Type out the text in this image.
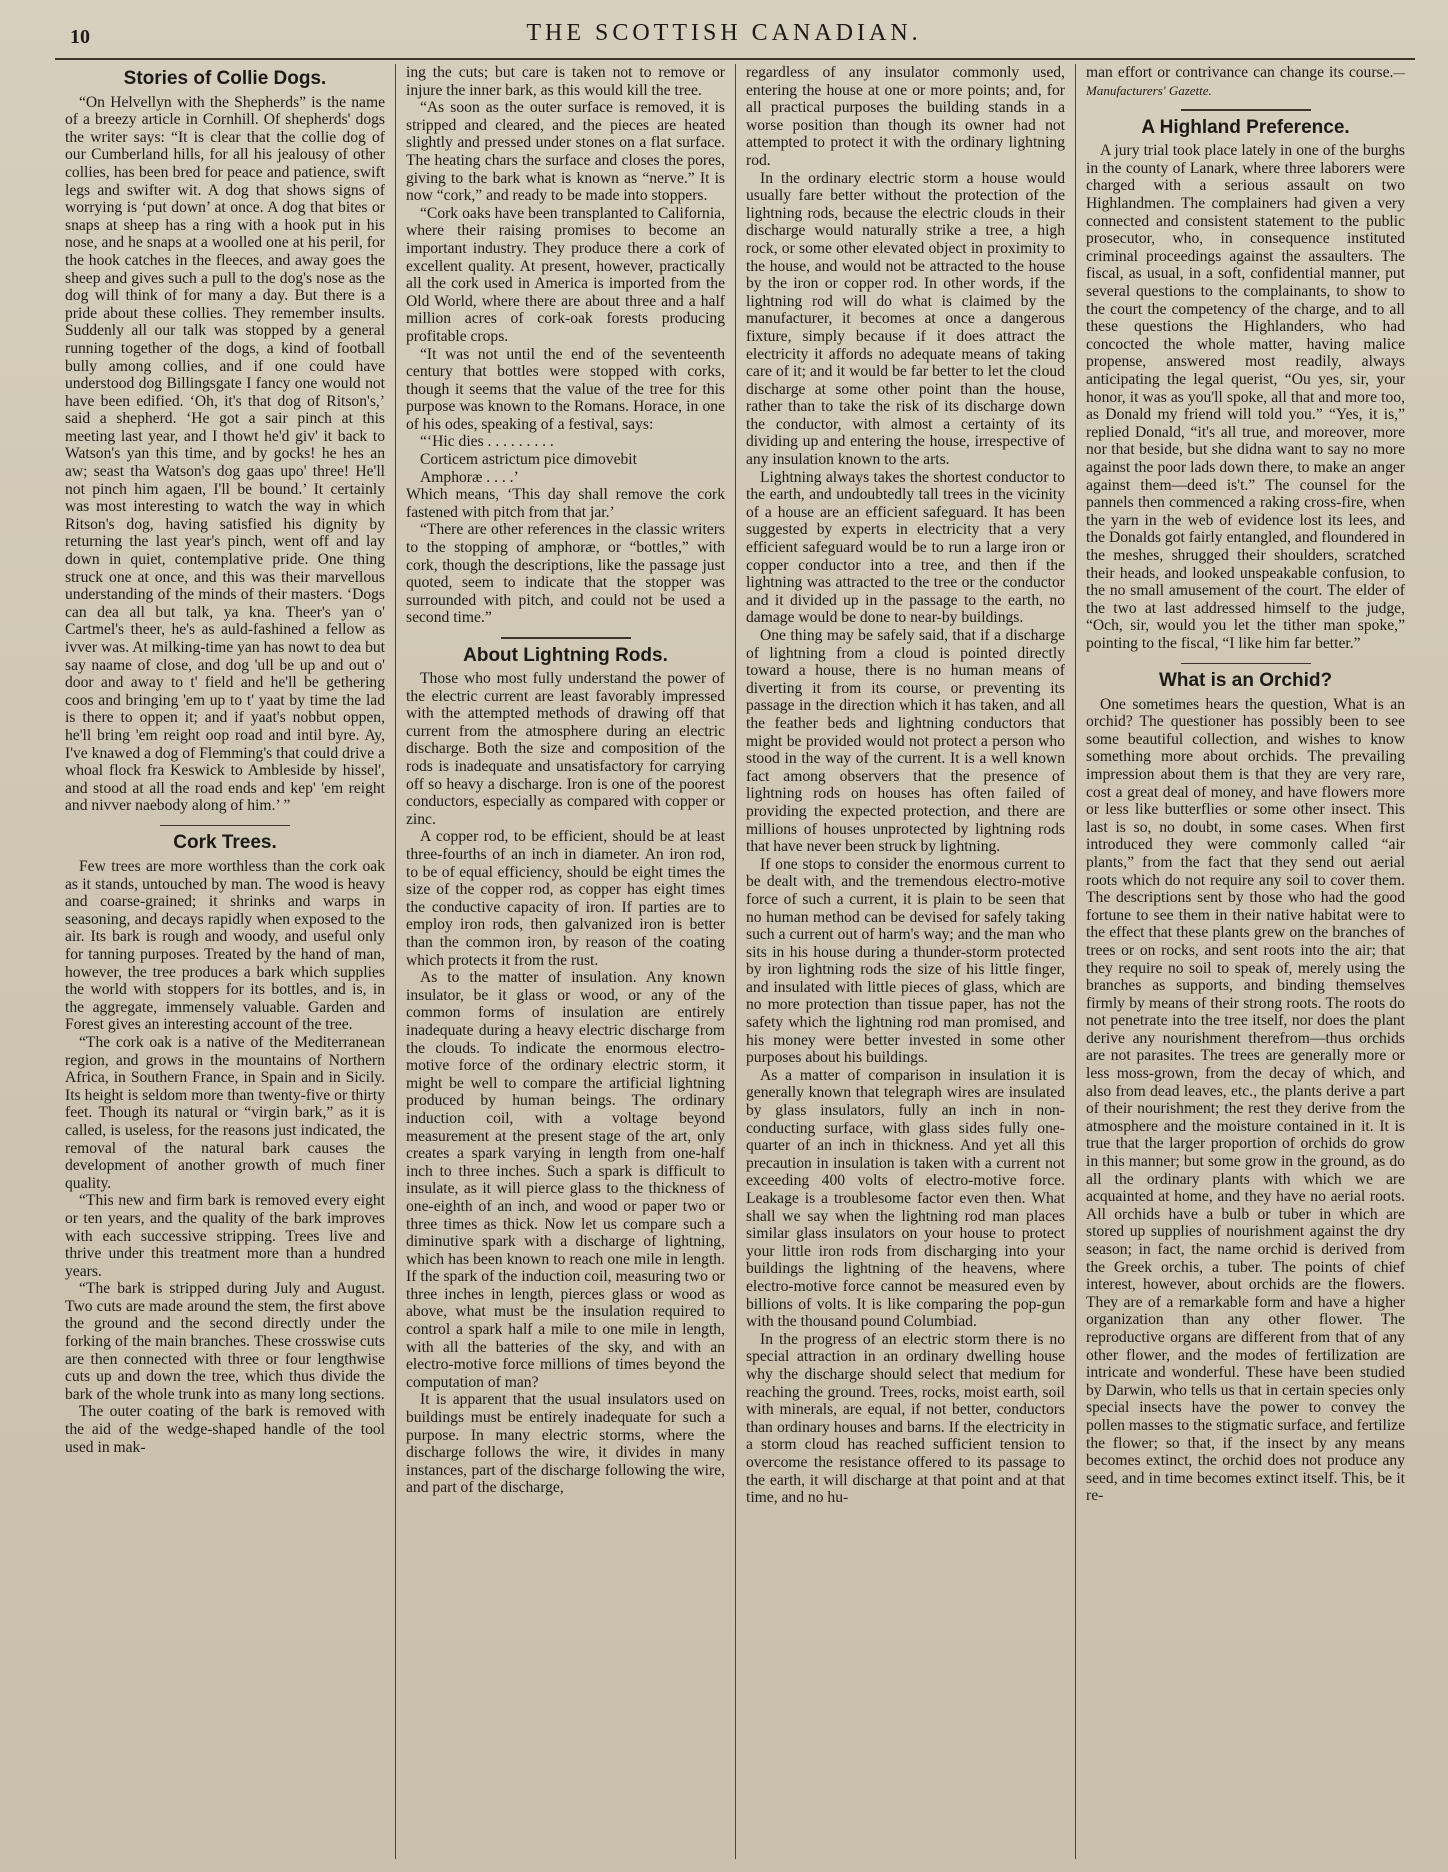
10	THE SCOTTISH CANADIAN.
Stories of Collie Dogs.

“On Helvellyn with the Shepherds” is the name of a breezy article in Cornhill. Of shepherds' dogs the writer says: “It is clear that the collie dog of our Cumberland hills, for all his jealousy of other collies, has been bred for peace and patience, swift legs and swifter wit. A dog that shows signs of worrying is ‘put down’ at once. A dog that bites or snaps at sheep has a ring with a hook put in his nose, and he snaps at a woolled one at his peril, for the hook catches in the fleeces, and away goes the sheep and gives such a pull to the dog's nose as the dog will think of for many a day. But there is a pride about these collies. They remember insults. Suddenly all our talk was stopped by a general running together of the dogs, a kind of football bully among collies, and if one could have understood dog Billingsgate I fancy one would not have been edified. ‘Oh, it's that dog of Ritson's,’ said a shepherd. ‘He got a sair pinch at this meeting last year, and I thowt he'd giv' it back to Watson's yan this time, and by gocks! he hes an aw; seast tha Watson's dog gaas upo' three! He'll not pinch him agaen, I'll be bound.’ It certainly was most interesting to watch the way in which Ritson's dog, having satisfied his dignity by returning the last year's pinch, went off and lay down in quiet, contemplative pride. One thing struck one at once, and this was their marvellous understanding of the minds of their masters. ‘Dogs can dea all but talk, ya kna. Theer's yan o' Cartmel's theer, he's as auld-fashined a fellow as ivver was. At milking-time yan has nowt to dea but say naame of close, and dog 'ull be up and out o' door and away to t' field and he'll be gethering coos and bringing 'em up to t' yaat by time the lad is there to oppen it; and if yaat's nobbut oppen, he'll bring 'em reight oop road and intil byre. Ay, I've knawed a dog of Flemming's that could drive a whoal flock fra Keswick to Ambleside by hissel', and stood at all the road ends and kep' 'em reight and nivver naebody along of him.’ ”

Cork Trees.

Few trees are more worthless than the cork oak as it stands, untouched by man. The wood is heavy and coarse-grained; it shrinks and warps in seasoning, and decays rapidly when exposed to the air. Its bark is rough and woody, and useful only for tanning purposes. Treated by the hand of man, however, the tree produces a bark which supplies the world with stoppers for its bottles, and is, in the aggregate, immensely valuable. Garden and Forest gives an interesting account of the tree.

“The cork oak is a native of the Mediterranean region, and grows in the mountains of Northern Africa, in Southern France, in Spain and in Sicily. Its height is seldom more than twenty-five or thirty feet. Though its natural or “virgin bark,” as it is called, is useless, for the reasons just indicated, the removal of the natural bark causes the development of another growth of much finer quality.

“This new and firm bark is removed every eight or ten years, and the quality of the bark improves with each successive stripping. Trees live and thrive under this treatment more than a hundred years.

“The bark is stripped during July and August. Two cuts are made around the stem, the first above the ground and the second directly under the forking of the main branches. These crosswise cuts are then connected with three or four lengthwise cuts up and down the tree, which thus divide the bark of the whole trunk into as many long sections.

The outer coating of the bark is removed with the aid of the wedge-shaped handle of the tool used in mak-

ing the cuts; but care is taken not to remove or injure the inner bark, as this would kill the tree.

“As soon as the outer surface is removed, it is stripped and cleared, and the pieces are heated slightly and pressed under stones on a flat surface. The heating chars the surface and closes the pores, giving to the bark what is known as “nerve.” It is now “cork,” and ready to be made into stoppers.

“Cork oaks have been transplanted to California, where their raising promises to become an important industry. They produce there a cork of excellent quality. At present, however, practically all the cork used in America is imported from the Old World, where there are about three and a half million acres of cork-oak forests producing profitable crops.

“It was not until the end of the seventeenth century that bottles were stopped with corks, though it seems that the value of the tree for this purpose was known to the Romans. Horace, in one of his odes, speaking of a festival, says:

“‘Hic dies . . . . . . . . .

Corticem astrictum pice dimovebit

Amphoræ . . . .’

Which means, ‘This day shall remove the cork fastened with pitch from that jar.’

“There are other references in the classic writers to the stopping of amphoræ, or “bottles,” with cork, though the descriptions, like the passage just quoted, seem to indicate that the stopper was surrounded with pitch, and could not be used a second time.”

About Lightning Rods.

Those who most fully understand the power of the electric current are least favorably impressed with the attempted methods of drawing off that current from the atmosphere during an electric discharge. Both the size and composition of the rods is inadequate and unsatisfactory for carrying off so heavy a discharge. Iron is one of the poorest conductors, especially as compared with copper or zinc.

A copper rod, to be efficient, should be at least three-fourths of an inch in diameter. An iron rod, to be of equal efficiency, should be eight times the size of the copper rod, as copper has eight times the conductive capacity of iron. If parties are to employ iron rods, then galvanized iron is better than the common iron, by reason of the coating which protects it from the rust.

As to the matter of insulation. Any known insulator, be it glass or wood, or any of the common forms of insulation are entirely inadequate during a heavy electric discharge from the clouds. To indicate the enormous electro-motive force of the ordinary electric storm, it might be well to compare the artificial lightning produced by human beings. The ordinary induction coil, with a voltage beyond measurement at the present stage of the art, only creates a spark varying in length from one-half inch to three inches. Such a spark is difficult to insulate, as it will pierce glass to the thickness of one-eighth of an inch, and wood or paper two or three times as thick. Now let us compare such a diminutive spark with a discharge of lightning, which has been known to reach one mile in length. If the spark of the induction coil, measuring two or three inches in length, pierces glass or wood as above, what must be the insulation required to control a spark half a mile to one mile in length, with all the batteries of the sky, and with an electro-motive force millions of times beyond the computation of man?

It is apparent that the usual insulators used on buildings must be entirely inadequate for such a purpose. In many electric storms, where the discharge follows the wire, it divides in many instances, part of the discharge following the wire, and part of the discharge,

regardless of any insulator commonly used, entering the house at one or more points; and, for all practical purposes the building stands in a worse position than though its owner had not attempted to protect it with the ordinary lightning rod.

In the ordinary electric storm a house would usually fare better without the protection of the lightning rods, because the electric clouds in their discharge would naturally strike a tree, a high rock, or some other elevated object in proximity to the house, and would not be attracted to the house by the iron or copper rod. In other words, if the lightning rod will do what is claimed by the manufacturer, it becomes at once a dangerous fixture, simply because if it does attract the electricity it affords no adequate means of taking care of it; and it would be far better to let the cloud discharge at some other point than the house, rather than to take the risk of its discharge down the conductor, with almost a certainty of its dividing up and entering the house, irrespective of any insulation known to the arts.

Lightning always takes the shortest conductor to the earth, and undoubtedly tall trees in the vicinity of a house are an efficient safeguard. It has been suggested by experts in electricity that a very efficient safeguard would be to run a large iron or copper conductor into a tree, and then if the lightning was attracted to the tree or the conductor and it divided up in the passage to the earth, no damage would be done to near-by buildings.

One thing may be safely said, that if a discharge of lightning from a cloud is pointed directly toward a house, there is no human means of diverting it from its course, or preventing its passage in the direction which it has taken, and all the feather beds and lightning conductors that might be provided would not protect a person who stood in the way of the current. It is a well known fact among observers that the presence of lightning rods on houses has often failed of providing the expected protection, and there are millions of houses unprotected by lightning rods that have never been struck by lightning.

If one stops to consider the enormous current to be dealt with, and the tremendous electro-motive force of such a current, it is plain to be seen that no human method can be devised for safely taking such a current out of harm's way; and the man who sits in his house during a thunder-storm protected by iron lightning rods the size of his little finger, and insulated with little pieces of glass, which are no more protection than tissue paper, has not the safety which the lightning rod man promised, and his money were better invested in some other purposes about his buildings.

As a matter of comparison in insulation it is generally known that telegraph wires are insulated by glass insulators, fully an inch in non-conducting surface, with glass sides fully one-quarter of an inch in thickness. And yet all this precaution in insulation is taken with a current not exceeding 400 volts of electro-motive force. Leakage is a troublesome factor even then. What shall we say when the lightning rod man places similar glass insulators on your house to protect your little iron rods from discharging into your buildings the lightning of the heavens, where electro-motive force cannot be measured even by billions of volts. It is like comparing the pop-gun with the thousand pound Columbiad.

In the progress of an electric storm there is no special attraction in an ordinary dwelling house why the discharge should select that medium for reaching the ground. Trees, rocks, moist earth, soil with minerals, are equal, if not better, conductors than ordinary houses and barns. If the electricity in a storm cloud has reached sufficient tension to overcome the resistance offered to its passage to the earth, it will discharge at that point and at that time, and no hu-

man effort or contrivance can change its course.—Manufacturers' Gazette.

A Highland Preference.

A jury trial took place lately in one of the burghs in the county of Lanark, where three laborers were charged with a serious assault on two Highlandmen. The complainers had given a very connected and consistent statement to the public prosecutor, who, in consequence instituted criminal proceedings against the assaulters. The fiscal, as usual, in a soft, confidential manner, put several questions to the complainants, to show to the court the competency of the charge, and to all these questions the Highlanders, who had concocted the whole matter, having malice propense, answered most readily, always anticipating the legal querist, “Ou yes, sir, your honor, it was as you'll spoke, all that and more too, as Donald my friend will told you.” “Yes, it is,” replied Donald, “it's all true, and moreover, more nor that beside, but she didna want to say no more against the poor lads down there, to make an anger against them—deed is't.” The counsel for the pannels then commenced a raking cross-fire, when the yarn in the web of evidence lost its lees, and the Donalds got fairly entangled, and floundered in the meshes, shrugged their shoulders, scratched their heads, and looked unspeakable confusion, to the no small amusement of the court. The elder of the two at last addressed himself to the judge, “Och, sir, would you let the tither man spoke,” pointing to the fiscal, “I like him far better.”

What is an Orchid?

One sometimes hears the question, What is an orchid? The questioner has possibly been to see some beautiful collection, and wishes to know something more about orchids. The prevailing impression about them is that they are very rare, cost a great deal of money, and have flowers more or less like butterflies or some other insect. This last is so, no doubt, in some cases. When first introduced they were commonly called “air plants,” from the fact that they send out aerial roots which do not require any soil to cover them. The descriptions sent by those who had the good fortune to see them in their native habitat were to the effect that these plants grew on the branches of trees or on rocks, and sent roots into the air; that they require no soil to speak of, merely using the branches as supports, and binding themselves firmly by means of their strong roots. The roots do not penetrate into the tree itself, nor does the plant derive any nourishment therefrom—thus orchids are not parasites. The trees are generally more or less moss-grown, from the decay of which, and also from dead leaves, etc., the plants derive a part of their nourishment; the rest they derive from the atmosphere and the moisture contained in it. It is true that the larger proportion of orchids do grow in this manner; but some grow in the ground, as do all the ordinary plants with which we are acquainted at home, and they have no aerial roots. All orchids have a bulb or tuber in which are stored up supplies of nourishment against the dry season; in fact, the name orchid is derived from the Greek orchis, a tuber. The points of chief interest, however, about orchids are the flowers. They are of a remarkable form and have a higher organization than any other flower. The reproductive organs are different from that of any other flower, and the modes of fertilization are intricate and wonderful. These have been studied by Darwin, who tells us that in certain species only special insects have the power to convey the pollen masses to the stigmatic surface, and fertilize the flower; so that, if the insect by any means becomes extinct, the orchid does not produce any seed, and in time becomes extinct itself. This, be it re-
